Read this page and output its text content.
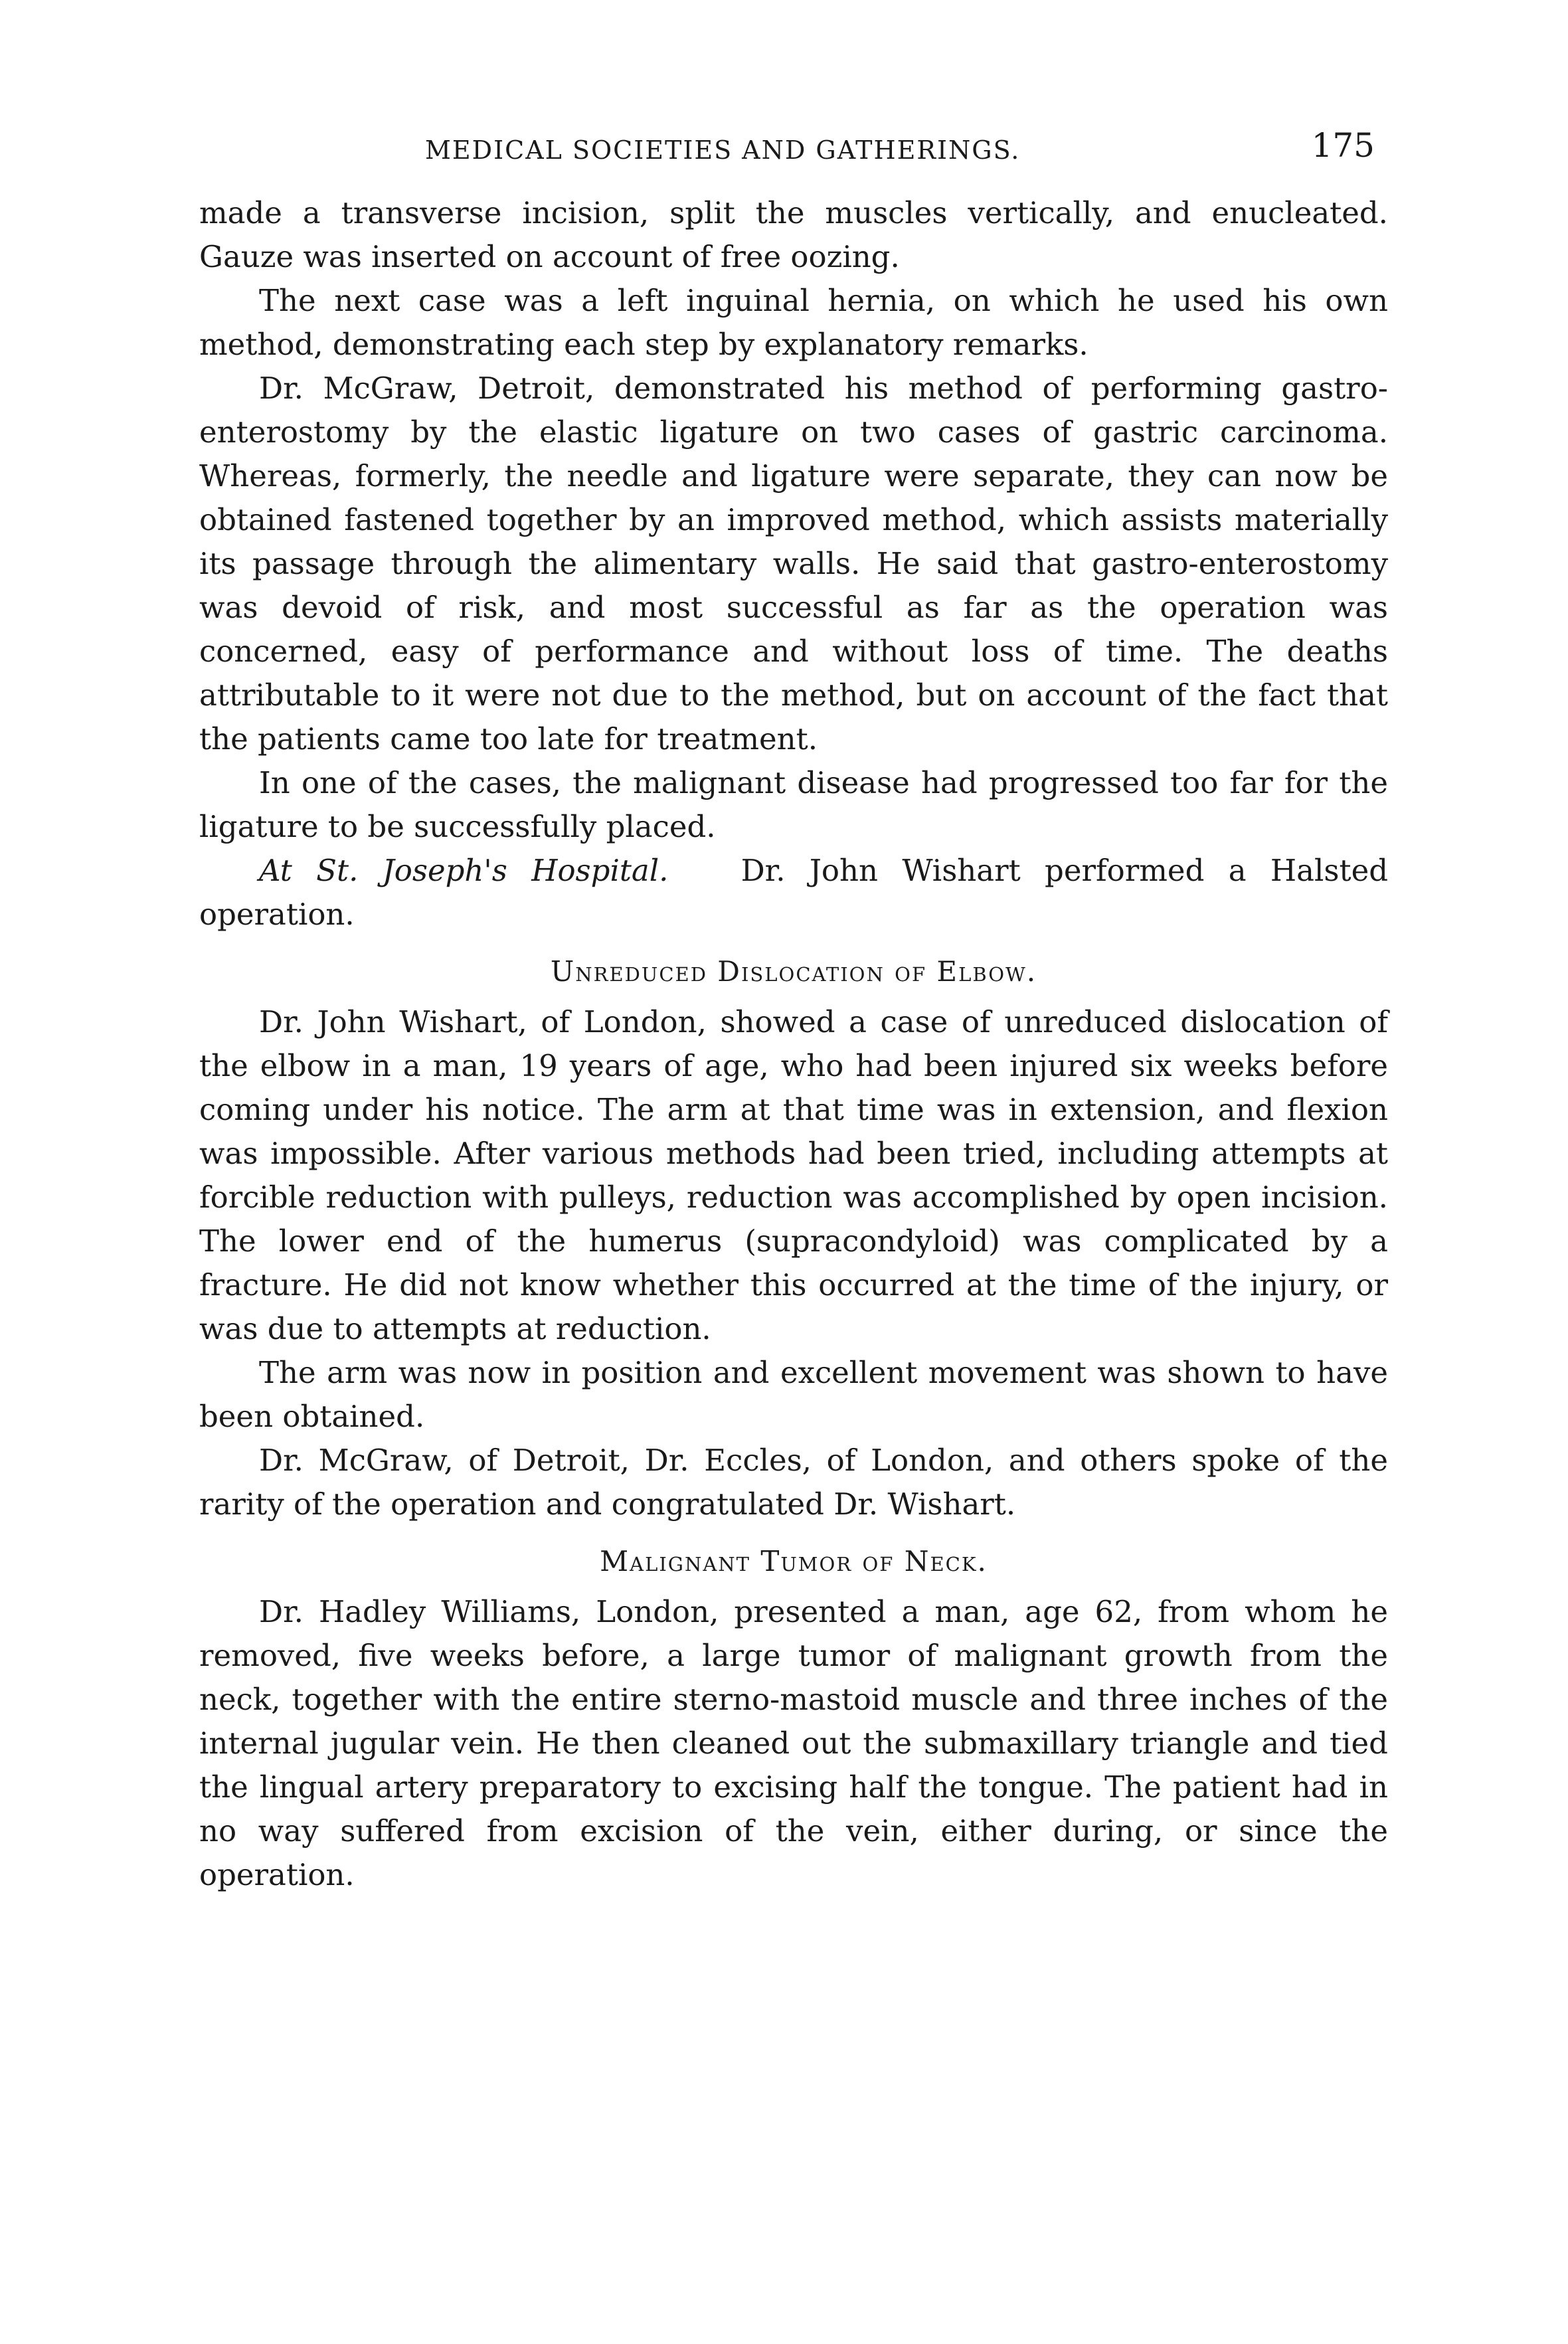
MEDICAL SOCIETIES AND GATHERINGS.	175

made a transverse incision, split the muscles vertically, and enucleated. Gauze was inserted on account of free oozing.

The next case was a left inguinal hernia, on which he used his own method, demonstrating each step by explanatory remarks.

Dr. McGraw, Detroit, demonstrated his method of performing gastro-enterostomy by the elastic ligature on two cases of gastric carcinoma. Whereas, formerly, the needle and ligature were separate, they can now be obtained fastened together by an improved method, which assists materially its passage through the alimentary walls. He said that gastro-enterostomy was devoid of risk, and most successful as far as the operation was concerned, easy of performance and without loss of time. The deaths attributable to it were not due to the method, but on account of the fact that the patients came too late for treatment.

In one of the cases, the malignant disease had progressed too far for the ligature to be successfully placed.

At St. Joseph's Hospital. Dr. John Wishart performed a Halsted operation.

Unreduced Dislocation of Elbow.

Dr. John Wishart, of London, showed a case of unreduced dislocation of the elbow in a man, 19 years of age, who had been injured six weeks before coming under his notice. The arm at that time was in extension, and flexion was impossible. After various methods had been tried, including attempts at forcible reduction with pulleys, reduction was accomplished by open incision. The lower end of the humerus (supracondyloid) was complicated by a fracture. He did not know whether this occurred at the time of the injury, or was due to attempts at reduction.

The arm was now in position and excellent movement was shown to have been obtained.

Dr. McGraw, of Detroit, Dr. Eccles, of London, and others spoke of the rarity of the operation and congratulated Dr. Wishart.

Malignant Tumor of Neck.

Dr. Hadley Williams, London, presented a man, age 62, from whom he removed, five weeks before, a large tumor of malignant growth from the neck, together with the entire sterno-mastoid muscle and three inches of the internal jugular vein. He then cleaned out the submaxillary triangle and tied the lingual artery preparatory to excising half the tongue. The patient had in no way suffered from excision of the vein, either during, or since the operation.
